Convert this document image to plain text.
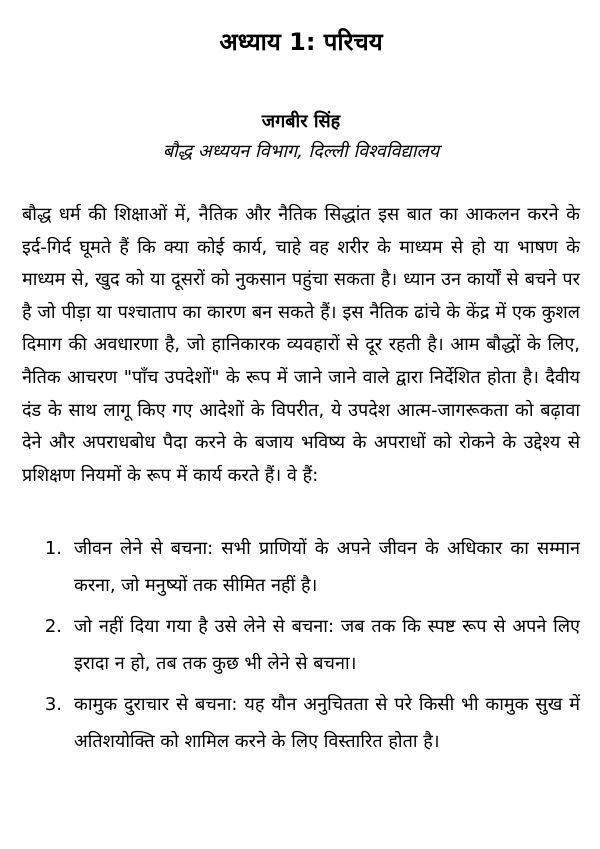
अध्याय 1: परिचय
जगबीर सिंह
बौद्ध अध्ययन विभाग, दिल्ली विश्वविद्यालय
बौद्ध धर्म की शिक्षाओं में, नैतिक और नैतिक सिद्धांत इस बात का आकलन करने के इर्द-गिर्द घूमते हैं कि क्या कोई कार्य, चाहे वह शरीर के माध्यम से हो या भाषण के माध्यम से, खुद को या दूसरों को नुकसान पहुंचा सकता है। ध्यान उन कार्यों से बचने पर है जो पीड़ा या पश्चाताप का कारण बन सकते हैं। इस नैतिक ढांचे के केंद्र में एक कुशल दिमाग की अवधारणा है, जो हानिकारक व्यवहारों से दूर रहती है। आम बौद्धों के लिए, नैतिक आचरण "पाँच उपदेशों" के रूप में जाने जाने वाले द्वारा निर्देशित होता है। दैवीय दंड के साथ लागू किए गए आदेशों के विपरीत, ये उपदेश आत्म-जागरूकता को बढ़ावा देने और अपराधबोध पैदा करने के बजाय भविष्य के अपराधों को रोकने के उद्देश्य से प्रशिक्षण नियमों के रूप में कार्य करते हैं। वे हैं:
1. जीवन लेने से बचना: सभी प्राणियों के अपने जीवन के अधिकार का सम्मान करना, जो मनुष्यों तक सीमित नहीं है।
2. जो नहीं दिया गया है उसे लेने से बचना: जब तक कि स्पष्ट रूप से अपने लिए इरादा न हो, तब तक कुछ भी लेने से बचना।
3. कामुक दुराचार से बचना: यह यौन अनुचितता से परे किसी भी कामुक सुख में अतिशयोक्ति को शामिल करने के लिए विस्तारित होता है।
